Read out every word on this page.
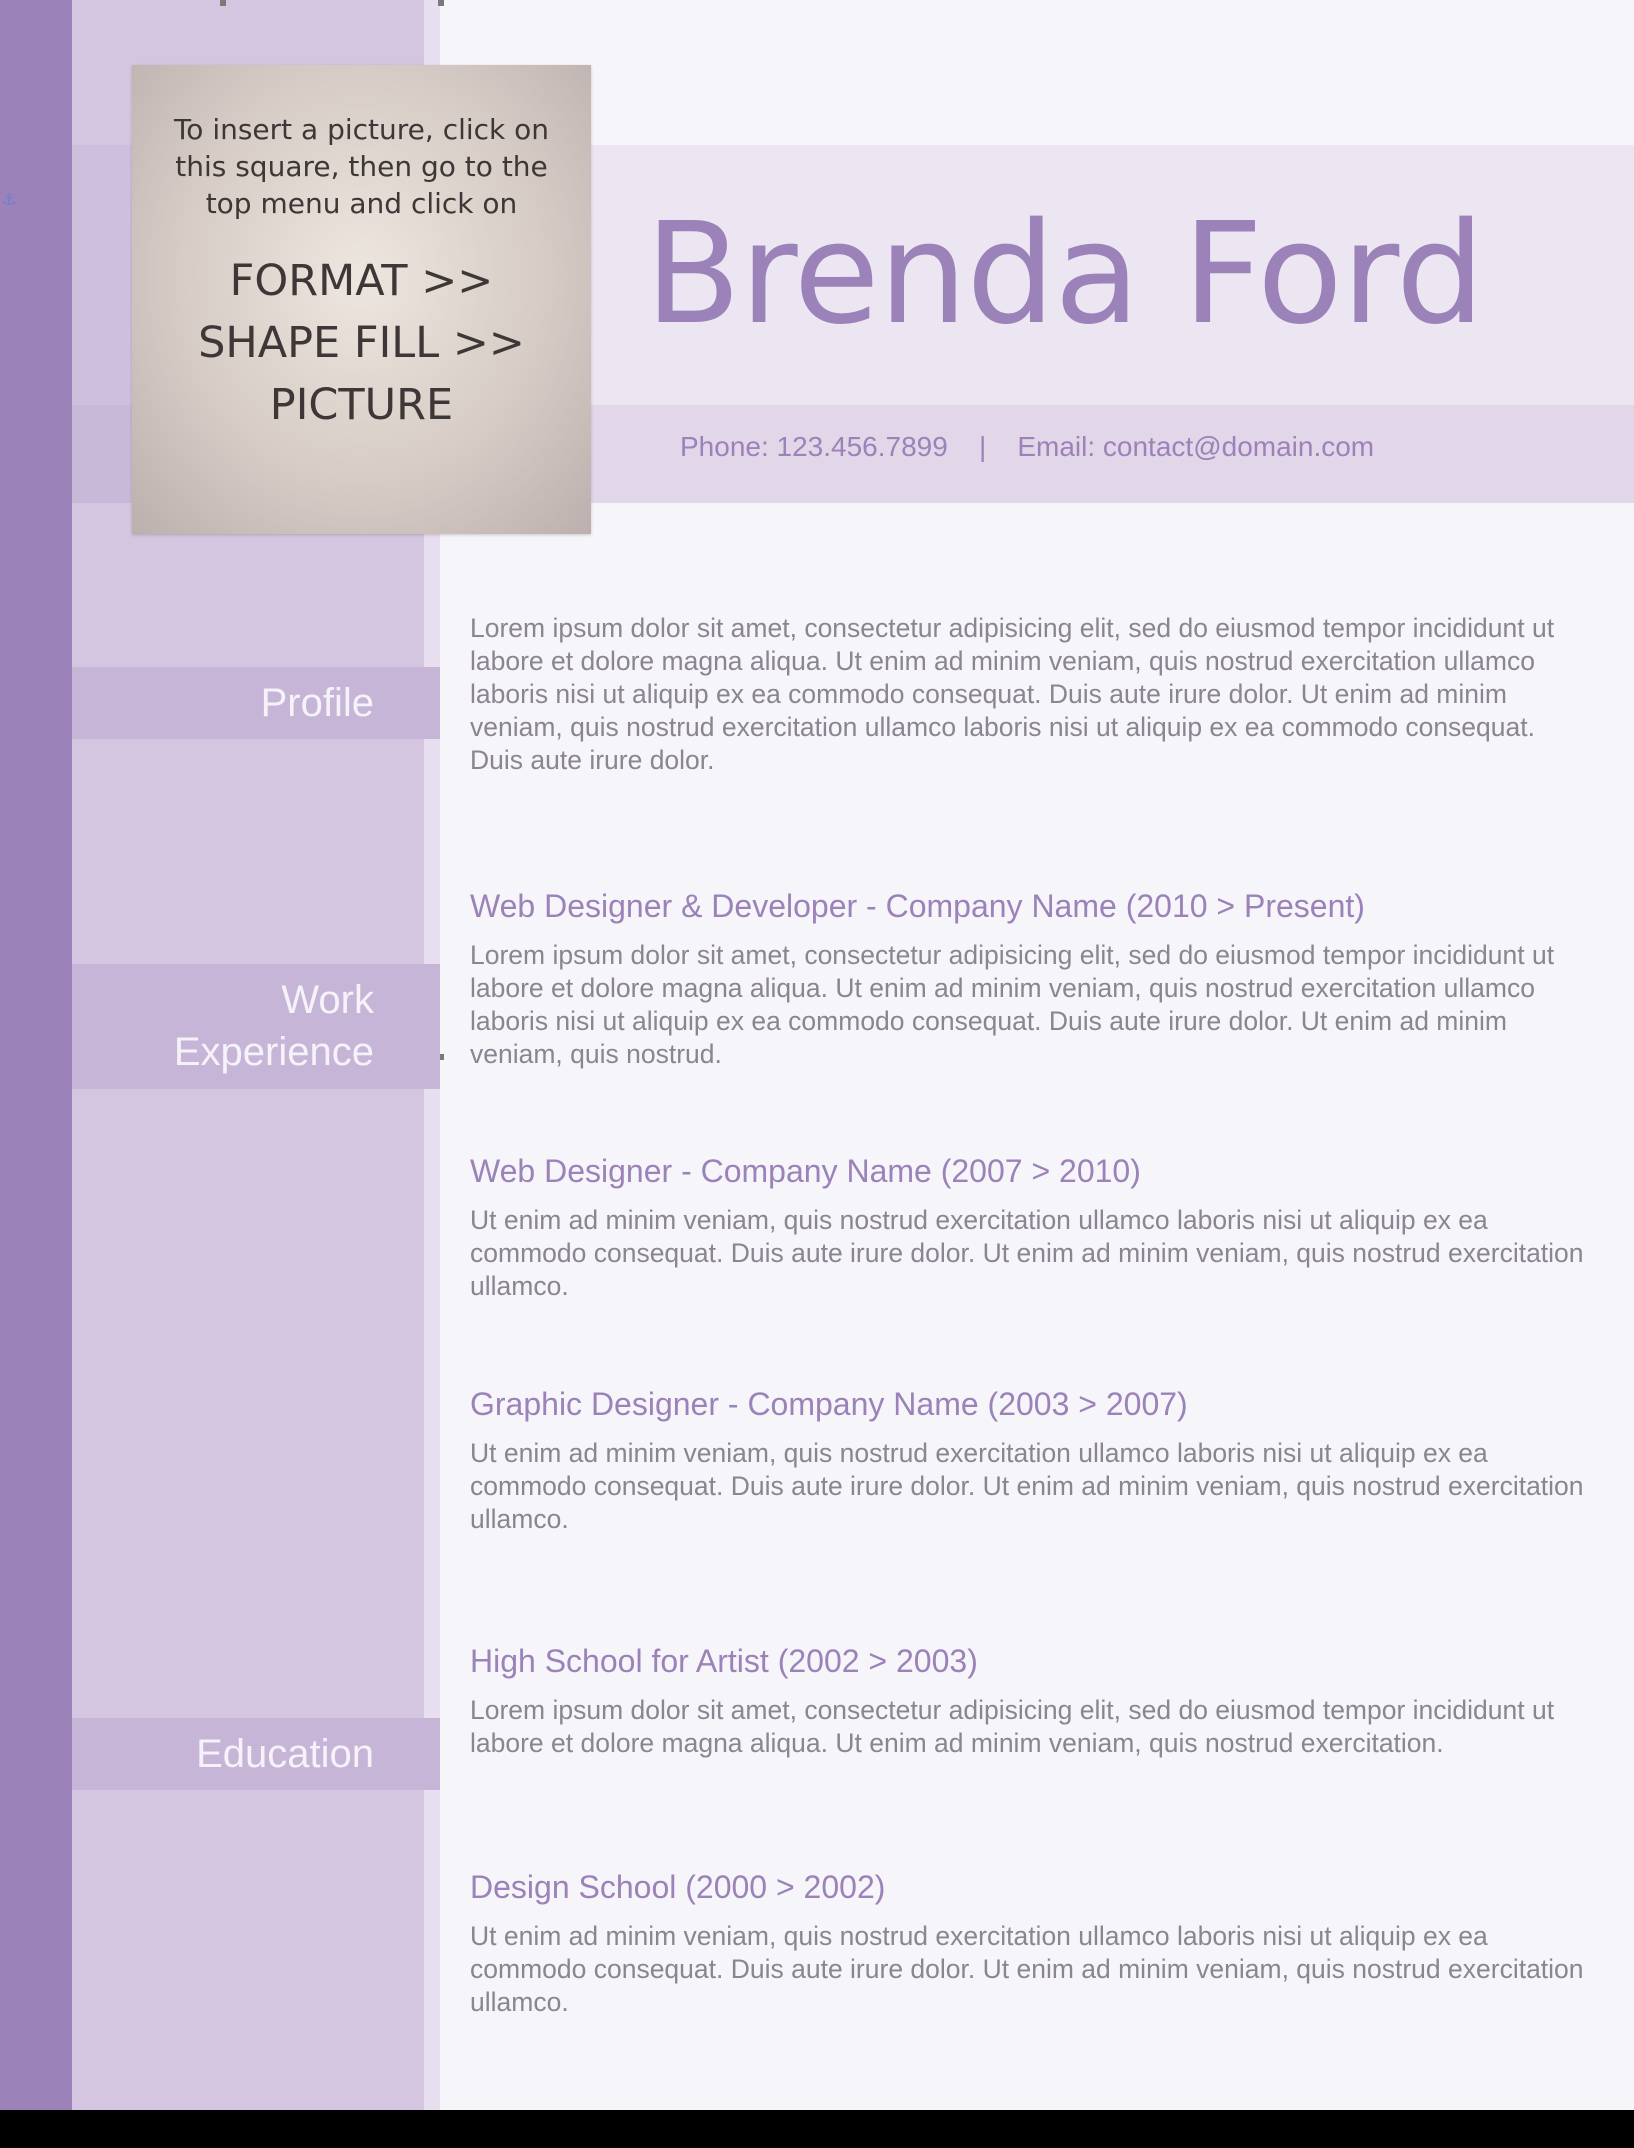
⚓
To insert a picture, click on this square, then go to the top menu and click on
FORMAT >>
SHAPE FILL >>
PICTURE
Brenda Ford
Phone: 123.456.7899 | Email: contact@domain.com
Profile
Work
Experience
Education

Lorem ipsum dolor sit amet, consectetur adipisicing elit, sed do eiusmod tempor incididunt ut labore et dolore magna aliqua. Ut enim ad minim veniam, quis nostrud exercitation ullamco laboris nisi ut aliquip ex ea commodo consequat. Duis aute irure dolor. Ut enim ad minim veniam, quis nostrud exercitation ullamco laboris nisi ut aliquip ex ea commodo consequat. Duis aute irure dolor.

Web Designer & Developer - Company Name (2010 > Present)

Lorem ipsum dolor sit amet, consectetur adipisicing elit, sed do eiusmod tempor incididunt ut labore et dolore magna aliqua. Ut enim ad minim veniam, quis nostrud exercitation ullamco laboris nisi ut aliquip ex ea commodo consequat. Duis aute irure dolor. Ut enim ad minim veniam, quis nostrud.

Web Designer - Company Name (2007 > 2010)

Ut enim ad minim veniam, quis nostrud exercitation ullamco laboris nisi ut aliquip ex ea commodo consequat. Duis aute irure dolor. Ut enim ad minim veniam, quis nostrud exercitation ullamco.

Graphic Designer - Company Name (2003 > 2007)

Ut enim ad minim veniam, quis nostrud exercitation ullamco laboris nisi ut aliquip ex ea commodo consequat. Duis aute irure dolor. Ut enim ad minim veniam, quis nostrud exercitation ullamco.

High School for Artist (2002 > 2003)

Lorem ipsum dolor sit amet, consectetur adipisicing elit, sed do eiusmod tempor incididunt ut labore et dolore magna aliqua. Ut enim ad minim veniam, quis nostrud exercitation.

Design School (2000 > 2002)

Ut enim ad minim veniam, quis nostrud exercitation ullamco laboris nisi ut aliquip ex ea commodo consequat. Duis aute irure dolor. Ut enim ad minim veniam, quis nostrud exercitation ullamco.
